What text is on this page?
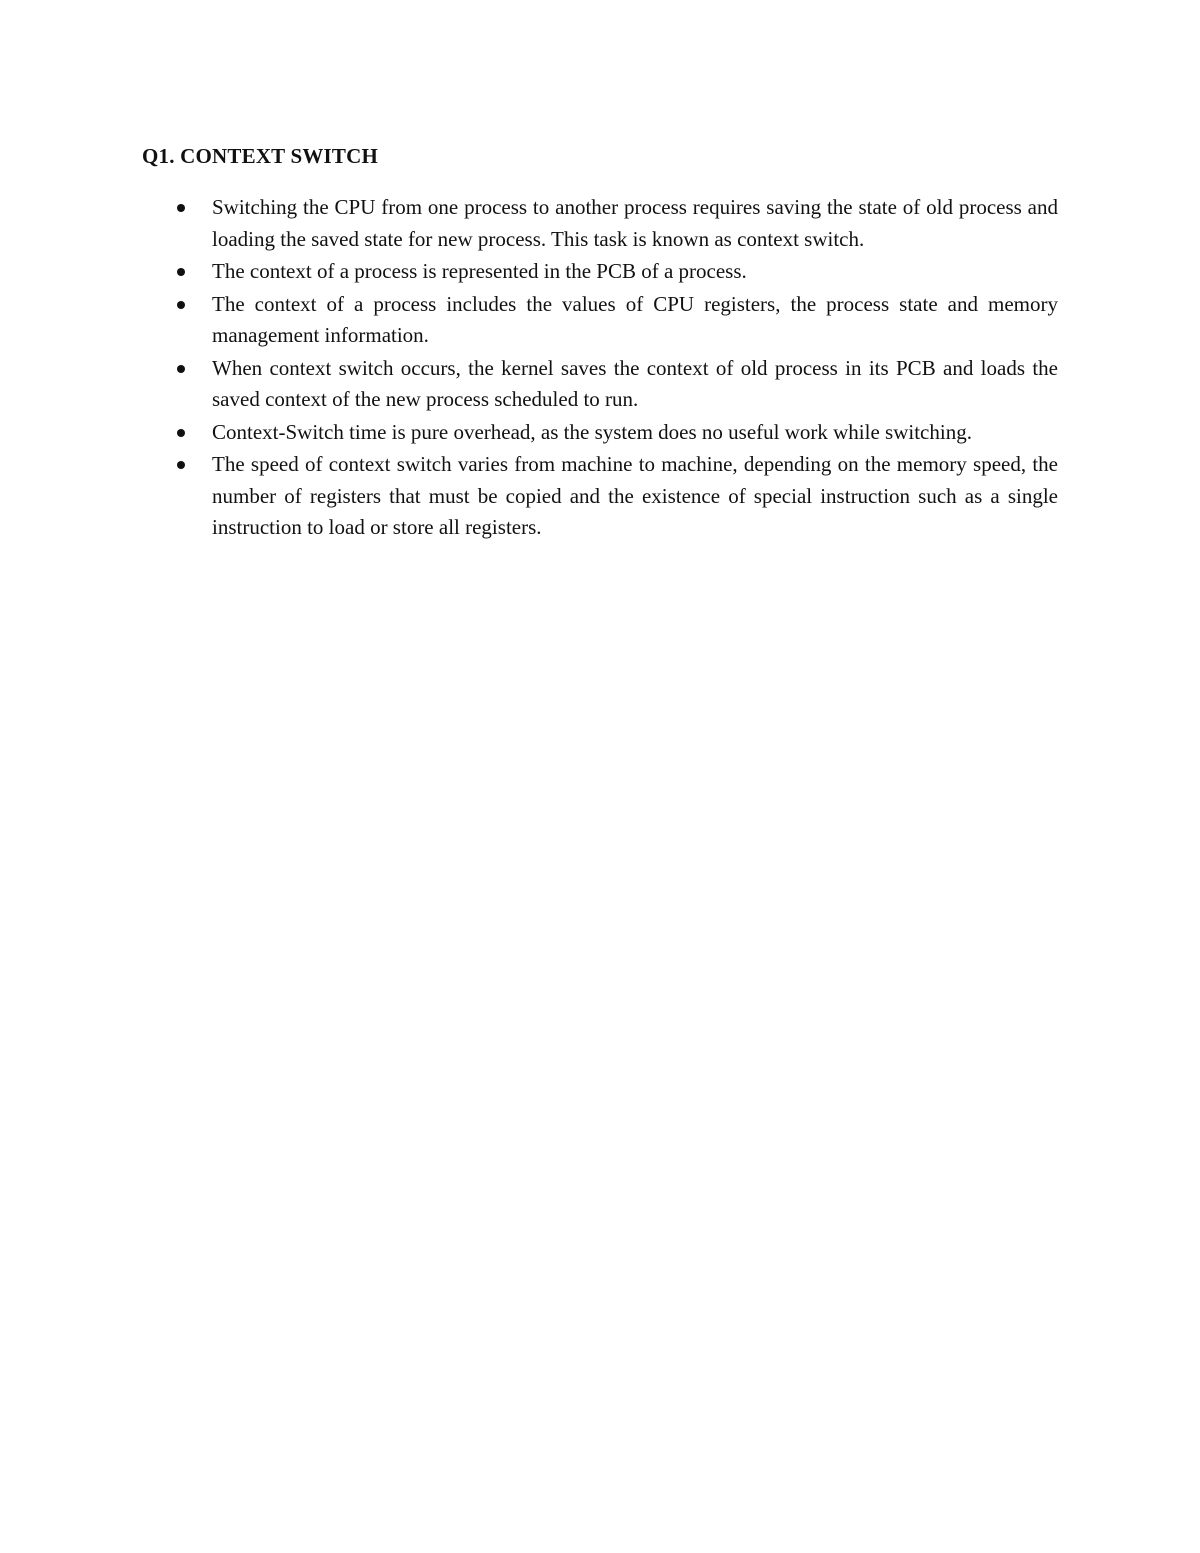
Q1. CONTEXT SWITCH
Switching the CPU from one process to another process requires saving the state of old process and loading the saved state for new process. This task is known as context switch.
The context of a process is represented in the PCB of a process.
The context of a process includes the values of CPU registers, the process state and memory management information.
When context switch occurs, the kernel saves the context of old process in its PCB and loads the saved context of the new process scheduled to run.
Context-Switch time is pure overhead, as the system does no useful work while switching.
The speed of context switch varies from machine to machine, depending on the memory speed, the number of registers that must be copied and the existence of special instruction such as a single instruction to load or store all registers.
